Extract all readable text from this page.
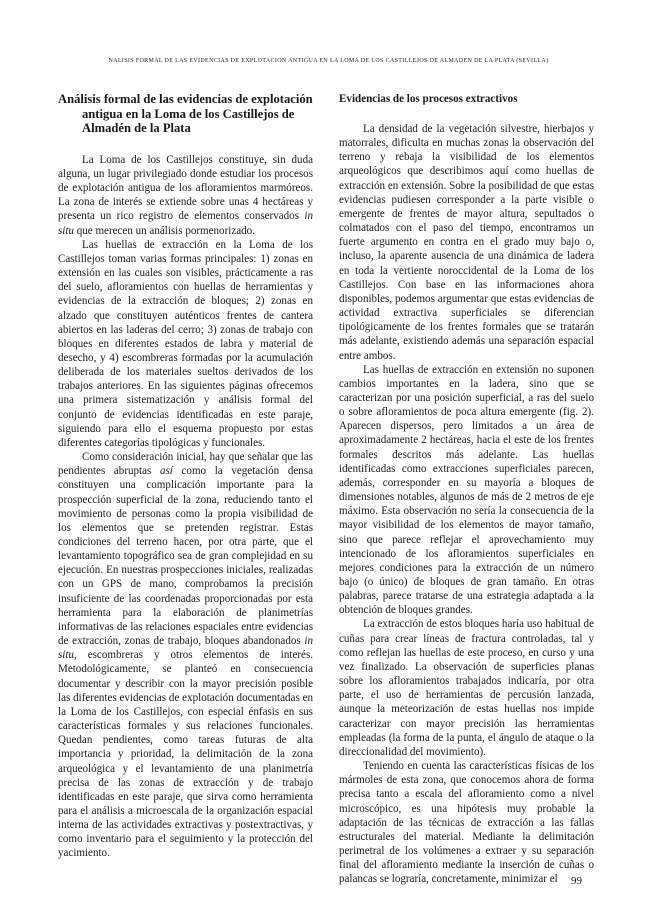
NÁLISIS FORMAL DE LAS EVIDENCIAS DE EXPLOTACIÓN ANTIGUA EN LA LOMA DE LOS CASTILLEJOS DE ALMADÉN DE LA PLATA (SEVILLA)
Análisis formal de las evidencias de explotación antigua en la Loma de los Castillejos de Almadén de la Plata

La Loma de los Castillejos constituye, sin duda alguna, un lugar privilegiado donde estudiar los procesos de explotación antigua de los afloramientos marmóreos. La zona de interés se extiende sobre unas 4 hectáreas y presenta un rico registro de elementos conservados in situ que merecen un análisis pormenorizado.

Las huellas de extracción en la Loma de los Castillejos toman varias formas principales: 1) zonas en extensión en las cuales son visibles, prácticamente a ras del suelo, afloramientos con huellas de herramientas y evidencias de la extracción de bloques; 2) zonas en alzado que constituyen auténticos frentes de cantera abiertos en las laderas del cerro; 3) zonas de trabajo con bloques en diferentes estados de labra y material de desecho, y 4) escombreras formadas por la acumulación deliberada de los materiales sueltos derivados de los trabajos anteriores. En las siguientes páginas ofrecemos una primera sistematización y análisis formal del conjunto de evidencias identificadas en este paraje, siguiendo para ello el esquema propuesto por estas diferentes categorías tipológicas y funcionales.

Como consideración inicial, hay que señalar que las pendientes abruptas así como la vegetación densa constituyen una complicación importante para la prospección superficial de la zona, reduciendo tanto el movimiento de personas como la propia visibilidad de los elementos que se pretenden registrar. Estas condiciones del terreno hacen, por otra parte, que el levantamiento topográfico sea de gran complejidad en su ejecución. En nuestras prospecciones iniciales, realizadas con un GPS de mano, comprobamos la precisión insuficiente de las coordenadas proporcionadas por esta herramienta para la elaboración de planimetrías informativas de las relaciones espaciales entre evidencias de extracción, zonas de trabajo, bloques abandonados in situ, escombreras y otros elementos de interés. Metodológicamente, se planteó en consecuencia documentar y describir con la mayor precisión posible las diferentes evidencias de explotación documentadas en la Loma de los Castillejos, con especial énfasis en sus características formales y sus relaciones funcionales. Quedan pendientes, como tareas futuras de alta importancia y prioridad, la delimitación de la zona arqueológica y el levantamiento de una planimetría precisa de las zonas de extracción y de trabajo identificadas en este paraje, que sirva como herramienta para el análisis a microescala de la organización espacial interna de las actividades extractivas y postextractivas, y como inventario para el seguimiento y la protección del yacimiento.

Evidencias de los procesos extractivos

La densidad de la vegetación silvestre, hierbajos y matorrales, dificulta en muchas zonas la observación del terreno y rebaja la visibilidad de los elementos arqueológicos que describimos aquí como huellas de extracción en extensión. Sobre la posibilidad de que estas evidencias pudiesen corresponder a la parte visible o emergente de frentes de mayor altura, sepultados o colmatados con el paso del tiempo, encontramos un fuerte argumento en contra en el grado muy bajo o, incluso, la aparente ausencia de una dinámica de ladera en toda la vertiente noroccidental de la Loma de los Castillejos. Con base en las informaciones ahora disponibles, podemos argumentar que estas evidencias de actividad extractiva superficiales se diferencian tipológicamente de los frentes formales que se tratarán más adelante, existiendo además una separación espacial entre ambos.

Las huellas de extracción en extensión no suponen cambios importantes en la ladera, sino que se caracterizan por una posición superficial, a ras del suelo o sobre afloramientos de poca altura emergente (fig. 2). Aparecen dispersos, pero limitados a un área de aproximadamente 2 hectáreas, hacia el este de los frentes formales descritos más adelante. Las huellas identificadas como extracciones superficiales parecen, además, corresponder en su mayoría a bloques de dimensiones notables, algunos de más de 2 metros de eje máximo. Esta observación no sería la consecuencia de la mayor visibilidad de los elementos de mayor tamaño, sino que parece reflejar el aprovechamiento muy intencionado de los afloramientos superficiales en mejores condiciones para la extracción de un número bajo (o único) de bloques de gran tamaño. En otras palabras, parece tratarse de una estrategia adaptada a la obtención de bloques grandes.

La extracción de estos bloques haría uso habitual de cuñas para crear líneas de fractura controladas, tal y como reflejan las huellas de este proceso, en curso y una vez finalizado. La observación de superficies planas sobre los afloramientos trabajados indicaría, por otra parte, el uso de herramientas de percusión lanzada, aunque la meteorización de estas huellas nos impide caracterizar con mayor precisión las herramientas empleadas (la forma de la punta, el ángulo de ataque o la direccionalidad del movimiento).

Teniendo en cuenta las características físicas de los mármoles de esta zona, que conocemos ahora de forma precisa tanto a escala del afloramiento como a nivel microscópico, es una hipótesis muy probable la adaptación de las técnicas de extracción a las fallas estructurales del material. Mediante la delimitación perimetral de los volúmenes a extraer y su separación final del afloramiento mediante la inserción de cuñas o palancas se lograría, concretamente, minimizar el	99
